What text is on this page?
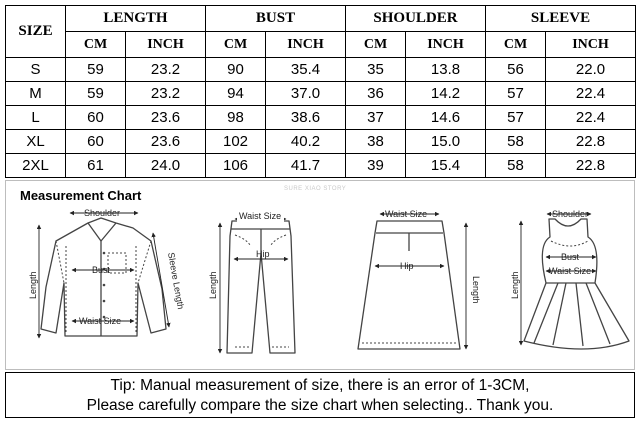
SIZE	LENGTH		BUST		SHOULDER		SLEEVE	
	CM	INCH	CM	INCH	CM	INCH	CM	INCH
S	59	23.2	90	35.4	35	13.8	56	22.0
M	59	23.2	94	37.0	36	14.2	57	22.4
L	60	23.6	98	38.6	37	14.6	57	22.4
XL	60	23.6	102	40.2	38	15.0	58	22.8
2XL	61	24.0	106	41.7	39	15.4	58	22.8
Measurement Chart	SURE XIAO STORY
Shoulder
Bust
Waist Size
Length	Sleeve Length
Waist Size
Hip
Length
Waist Size
Hip
Length
Shoulder
Bust
Waist Size
Length
Tip: Manual measurement of size, there is an error of 1-3CM,
Please carefully compare the size chart when selecting.. Thank you.
